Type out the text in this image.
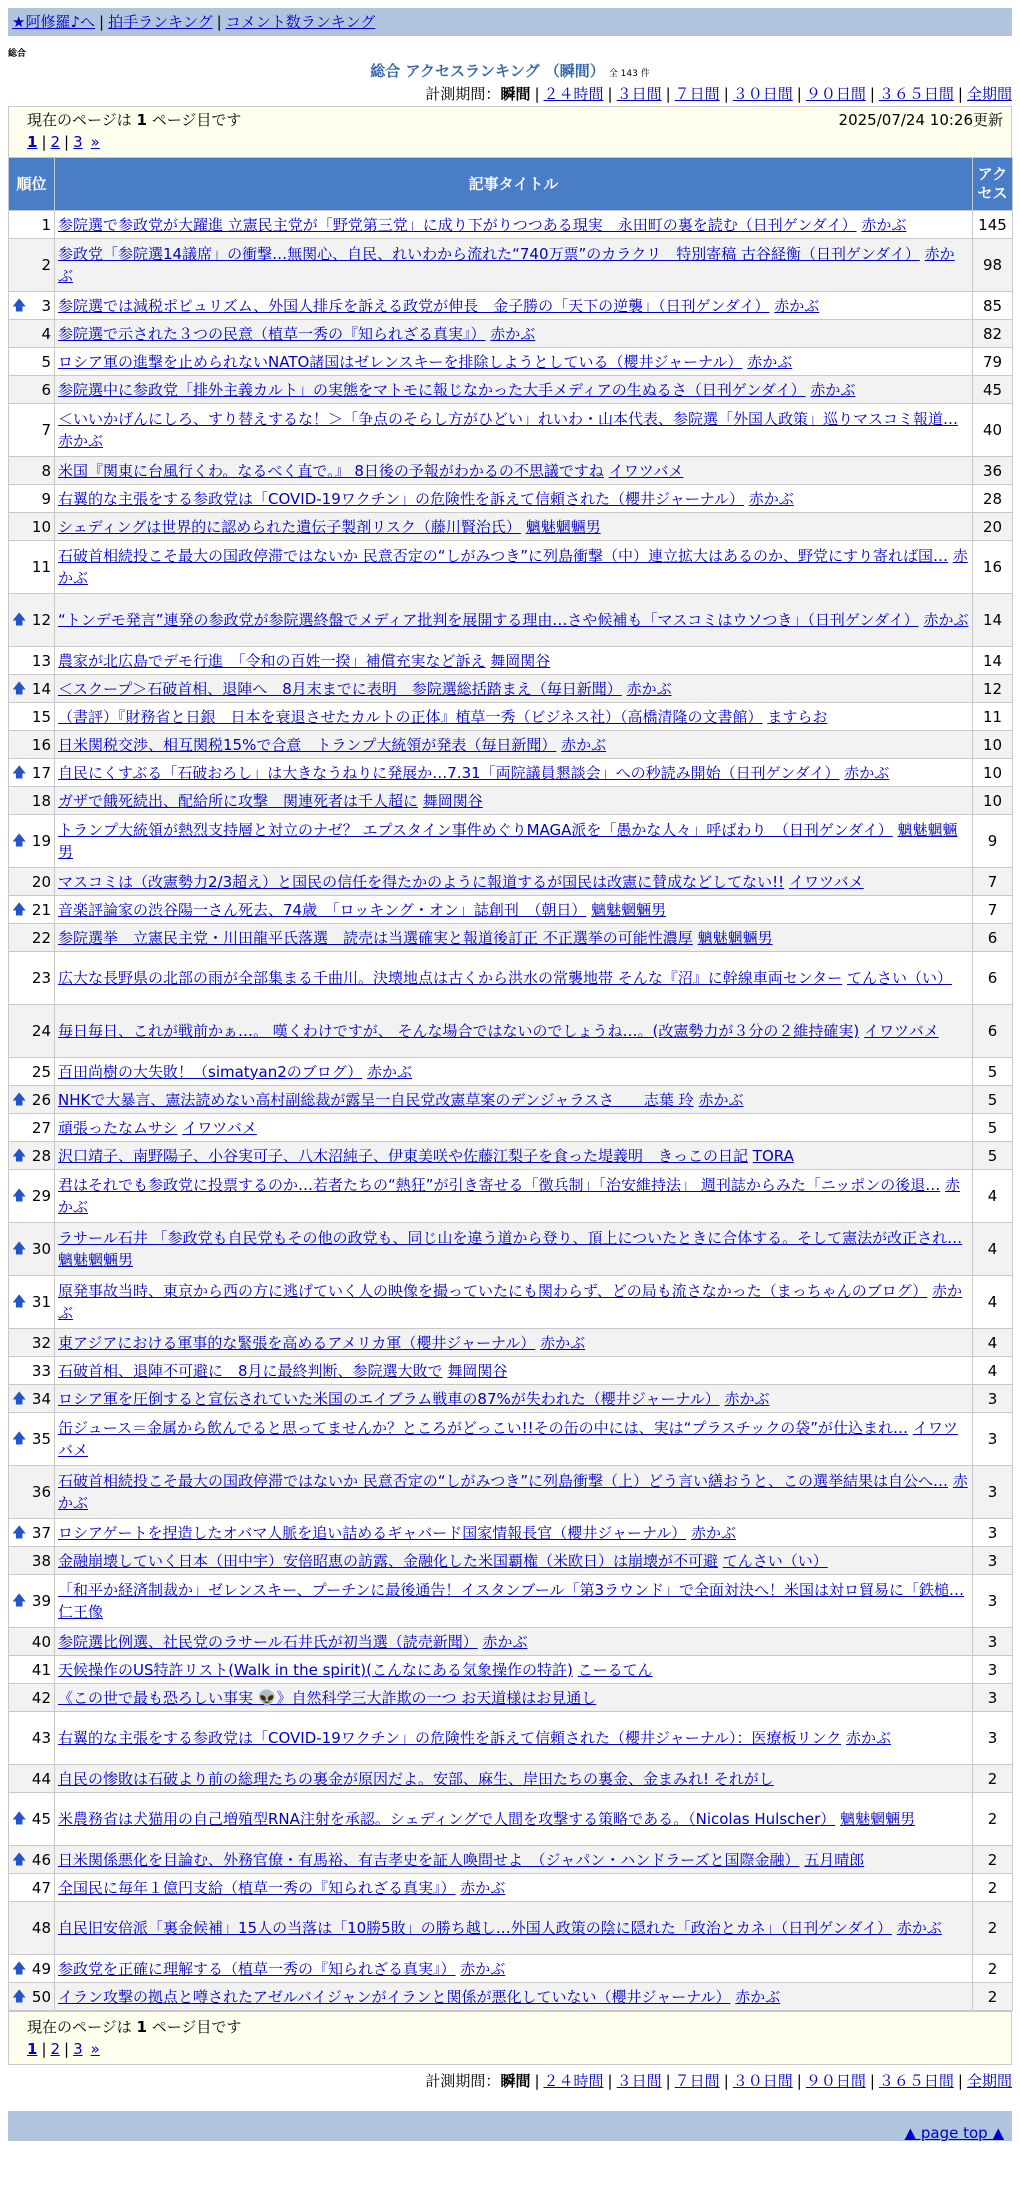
★阿修羅♪へ | 拍手ランキング | コメント数ランキング
総合
総合 アクセスランキング （瞬間） 全 143 件
計測期間：瞬間 | ２４時間 | ３日間 | ７日間 | ３０日間 | ９０日間 | ３６５日間 | 全期間
現在のページは 1 ページ目です	2025/07/24 10:26更新
1 | 2 | 3 »
順位	記事タイトル	アクセス
1	参院選で参政党が大躍進 立憲民主党が「野党第三党」に成り下がりつつある現実　永田町の裏を読む（日刊ゲンダイ） 赤かぶ	145
2	参政党「参院選14議席」の衝撃…無関心、自民、れいわから流れた“740万票”のカラクリ　特別寄稿 古谷経衡（日刊ゲンダイ） 赤かぶ	98

🡅 3	参院選では減税ポピュリズム、外国人排斥を訴える政党が伸長　金子勝の「天下の逆襲」（日刊ゲンダイ） 赤かぶ	85
4	参院選で示された３つの民意（植草一秀の『知られざる真実』） 赤かぶ	82
5	ロシア軍の進撃を止められないNATO諸国はゼレンスキーを排除しようとしている（櫻井ジャーナル） 赤かぶ	79
6	参院選中に参政党「排外主義カルト」の実態をマトモに報じなかった大手メディアの生ぬるさ（日刊ゲンダイ） 赤かぶ	45
7	＜いいかげんにしろ、すり替えするな！＞「争点のそらし方がひどい」れいわ・山本代表、参院選「外国人政策」巡りマスコミ報道… 赤かぶ	40
8	米国『関東に台風行くわ。なるべく直で。』 8日後の予報がわかるの不思議ですね イワツバメ	36
9	右翼的な主張をする参政党は「COVID-19ワクチン」の危険性を訴えて信頼された（櫻井ジャーナル） 赤かぶ	28
10	シェディングは世界的に認められた遺伝子製剤リスク（藤川賢治氏） 魑魅魍魎男	20
11	石破首相続投こそ最大の国政停滞ではないか 民意否定の“しがみつき”に列島衝撃（中）連立拡大はあるのか、野党にすり寄れば国… 赤かぶ	16

🡅 12	“トンデモ発言”連発の参政党が参院選終盤でメディア批判を展開する理由…さや候補も「マスコミはウソつき」（日刊ゲンダイ） 赤かぶ	14
13	農家が北広島でデモ行進　「令和の百姓一揆」補償充実など訴え 舞岡関谷	14

🡅 14	＜スクープ＞石破首相、退陣へ　8月末までに表明　参院選総括踏まえ（毎日新聞） 赤かぶ	12
15	（書評）『財務省と日銀　日本を衰退させたカルトの正体』植草一秀（ビジネス社）（高橋清隆の文書館） ますらお	11
16	日米関税交渉、相互関税15%で合意　トランプ大統領が発表（毎日新聞） 赤かぶ	10

🡅 17	自民にくすぶる「石破おろし」は大きなうねりに発展か…7.31「両院議員懇談会」への秒読み開始（日刊ゲンダイ） 赤かぶ	10
18	ガザで餓死続出、配給所に攻撃　関連死者は千人超に 舞岡関谷	10

🡅 19	トランプ大統領が熱烈支持層と対立のナゼ？ エプスタイン事件めぐりMAGA派を「愚かな人々」呼ばわり　（日刊ゲンダイ） 魑魅魍魎男	9
20	マスコミは（改憲勢力2/3超え）と国民の信任を得たかのように報道するが国民は改憲に賛成などしてない!! イワツバメ	7

🡅 21	音楽評論家の渋谷陽一さん死去、74歳　「ロッキング・オン」誌創刊　（朝日） 魑魅魍魎男	7
22	参院選挙　立憲民主党・川田龍平氏落選　読売は当選確実と報道後訂正 不正選挙の可能性濃厚 魑魅魍魎男	6
23	広大な長野県の北部の雨が全部集まる千曲川。決壊地点は古くから洪水の常襲地帯 そんな『沼』に幹線車両センター てんさい（い）	6
24	毎日毎日、これが戦前かぁ…。 嘆くわけですが、 そんな場合ではないのでしょうね…。(改憲勢力が３分の２維持確実) イワツバメ	6
25	百田尚樹の大失敗！（simatyan2のブログ） 赤かぶ	5

🡅 26	NHKで大暴言、憲法読めない高村副総裁が露呈一自民党改憲草案のデンジャラスさ　　志葉 玲 赤かぶ	5
27	頑張ったなムサシ イワツバメ	5

🡅 28	沢口靖子、南野陽子、小谷実可子、八木沼純子、伊東美咲や佐藤江梨子を食った堤義明　きっこの日記 TORA	5

🡅 29	君はそれでも参政党に投票するのか…若者たちの“熱狂”が引き寄せる「徴兵制」「治安維持法」 週刊誌からみた「ニッポンの後退… 赤かぶ	4

🡅 30	ラサール石井 「参政党も自民党もその他の政党も、同じ山を違う道から登り、頂上についたときに合体する。そして憲法が改正され… 魑魅魍魎男	4

🡅 31	原発事故当時、東京から西の方に逃げていく人の映像を撮っていたにも関わらず、どの局も流さなかった（まっちゃんのブログ） 赤かぶ	4
32	東アジアにおける軍事的な緊張を高めるアメリカ軍（櫻井ジャーナル） 赤かぶ	4
33	石破首相、退陣不可避に　8月に最終判断、参院選大敗で 舞岡関谷	4

🡅 34	ロシア軍を圧倒すると宣伝されていた米国のエイブラム戦車の87%が失われた（櫻井ジャーナル） 赤かぶ	3

🡅 35	缶ジュース＝金属から飲んでると思ってませんか？ところがどっこい!!その缶の中には、実は“プラスチックの袋”が仕込まれ… イワツバメ	3
36	石破首相続投こそ最大の国政停滞ではないか 民意否定の“しがみつき”に列島衝撃（上）どう言い繕おうと、この選挙結果は自公へ… 赤かぶ	3

🡅 37	ロシアゲートを捏造したオバマ人脈を追い詰めるギャバード国家情報長官（櫻井ジャーナル） 赤かぶ	3
38	金融崩壊していく日本（田中宇）安倍昭恵の訪露、金融化した米国覇権（米欧日）は崩壊が不可避 てんさい（い）	3

🡅 39	「和平か経済制裁か」ゼレンスキー、プーチンに最後通告！イスタンブール「第3ラウンド」で全面対決へ！米国は対ロ貿易に「鉄槌… 仁王像	3
40	参院選比例選、社民党のラサール石井氏が初当選（読売新聞） 赤かぶ	3
41	天候操作のUS特許リスト(Walk in the spirit)(こんなにある気象操作の特許) こーるてん	3
42	《この世で最も恐ろしい事実 👽》自然科学三大詐欺の一つ お天道様はお見通し	3
43	右翼的な主張をする参政党は「COVID-19ワクチン」の危険性を訴えて信頼された（櫻井ジャーナル）：医療板リンク 赤かぶ	3
44	自民の惨敗は石破より前の総理たちの裏金が原因だよ。安部、麻生、岸田たちの裏金、金まみれ! それがし	2

🡅 45	米農務省は犬猫用の自己増殖型RNA注射を承認。シェディングで人間を攻撃する策略である。（Nicolas Hulscher） 魑魅魍魎男	2

🡅 46	日米関係悪化を目論む、外務官僚・有馬裕、有吉孝史を証人喚問せよ　（ジャパン・ハンドラーズと国際金融） 五月晴郎	2
47	全国民に毎年１億円支給（植草一秀の『知られざる真実』） 赤かぶ	2
48	自民旧安倍派「裏金候補」15人の当落は「10勝5敗」の勝ち越し…外国人政策の陰に隠れた「政治とカネ」（日刊ゲンダイ） 赤かぶ	2

🡅 49	参政党を正確に理解する（植草一秀の『知られざる真実』） 赤かぶ	2

🡅 50	イラン攻撃の拠点と噂されたアゼルバイジャンがイランと関係が悪化していない（櫻井ジャーナル） 赤かぶ	2
現在のページは 1 ページ目です
1 | 2 | 3 »
計測期間：瞬間 | ２４時間 | ３日間 | ７日間 | ３０日間 | ９０日間 | ３６５日間 | 全期間
▲ page top ▲
